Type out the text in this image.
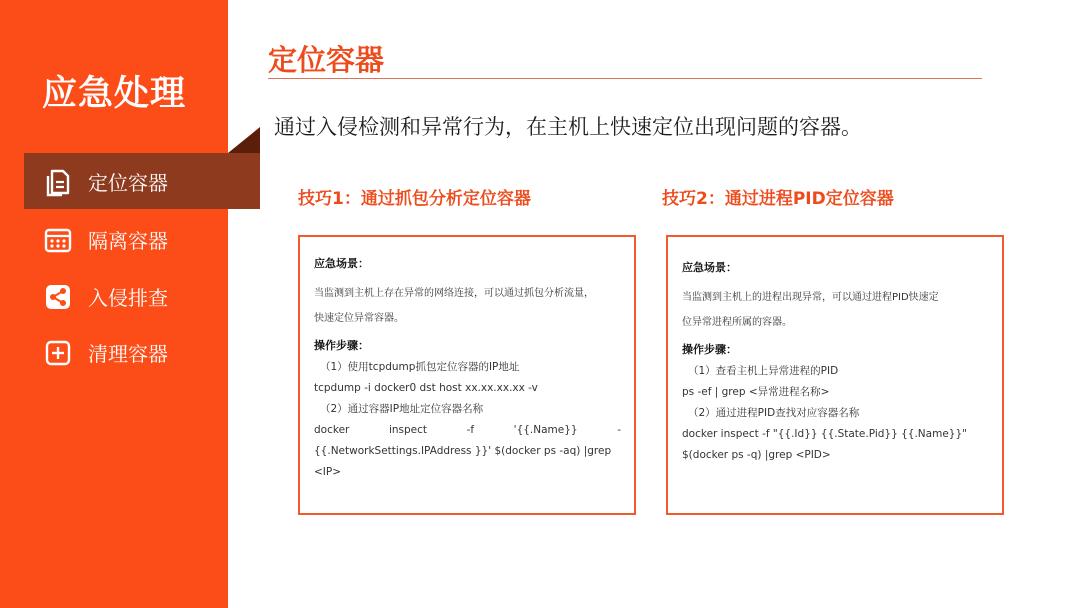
应急处理
定位容器
隔离容器
入侵排查
清理容器
定位容器
通过入侵检测和异常行为，在主机上快速定位出现问题的容器。
技巧1：通过抓包分析定位容器	技巧2：通过进程PID定位容器
应急场景：
当监测到主机上存在异常的网络连接，可以通过抓包分析流量，
快速定位异常容器。
操作步骤：
（1）使用tcpdump抓包定位容器的IP地址
tcpdump -i docker0 dst host xx.xx.xx.xx -v
（2）通过容器IP地址定位容器名称
docker inspect -f '{{.Name}} -
{{.NetworkSettings.IPAddress }}' $(docker ps -aq) |grep
<IP>
应急场景：
当监测到主机上的进程出现异常，可以通过进程PID快速定
位异常进程所属的容器。
操作步骤：
（1）查看主机上异常进程的PID
ps -ef | grep <异常进程名称>
（2）通过进程PID查找对应容器名称
docker inspect -f "{{.Id}} {{.State.Pid}} {{.Name}}"
$(docker ps -q) |grep <PID>
